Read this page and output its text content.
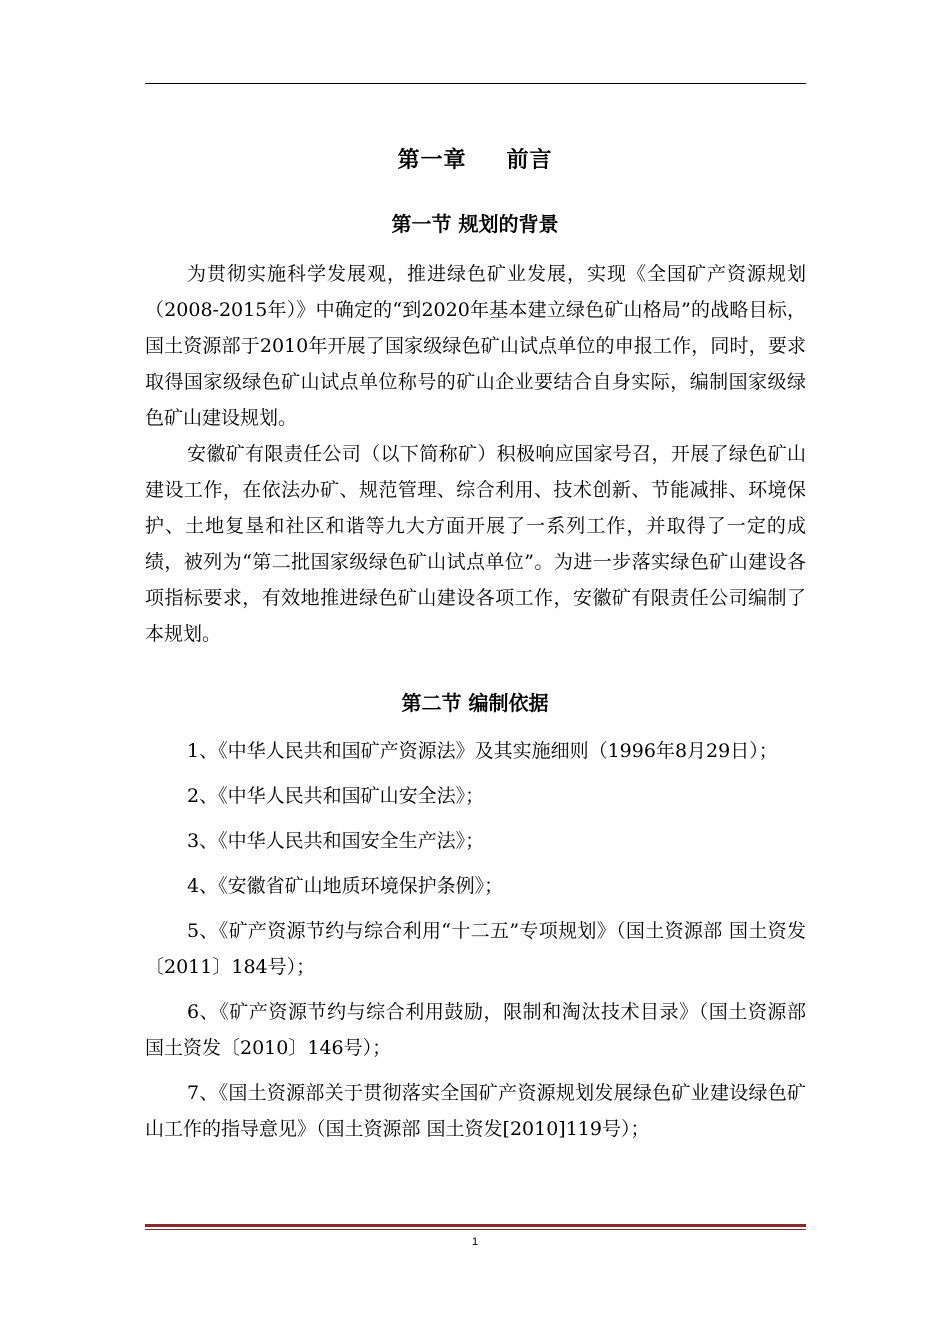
第一章 前言
第一节 规划的背景

为贯彻实施科学发展观，推进绿色矿业发展，实现《全国矿产资源规划（2008-2015年）》中确定的“到2020年基本建立绿色矿山格局”的战略目标，国土资源部于2010年开展了国家级绿色矿山试点单位的申报工作，同时，要求取得国家级绿色矿山试点单位称号的矿山企业要结合自身实际，编制国家级绿色矿山建设规划。

安徽矿有限责任公司（以下简称矿）积极响应国家号召，开展了绿色矿山建设工作，在依法办矿、规范管理、综合利用、技术创新、节能减排、环境保护、土地复垦和社区和谐等九大方面开展了一系列工作，并取得了一定的成绩，被列为“第二批国家级绿色矿山试点单位”。为进一步落实绿色矿山建设各项指标要求，有效地推进绿色矿山建设各项工作，安徽矿有限责任公司编制了本规划。

第二节 编制依据

1、《中华人民共和国矿产资源法》及其实施细则（1996年8月29日）；

2、《中华人民共和国矿山安全法》；

3、《中华人民共和国安全生产法》；

4、《安徽省矿山地质环境保护条例》；

5、《矿产资源节约与综合利用“十二五”专项规划》（国土资源部 国土资发〔2011〕184号）；

6、《矿产资源节约与综合利用鼓励，限制和淘汰技术目录》（国土资源部 国土资发〔2010〕146号）；

7、《国土资源部关于贯彻落实全国矿产资源规划发展绿色矿业建设绿色矿山工作的指导意见》（国土资源部 国土资发[2010]119号）；

1
